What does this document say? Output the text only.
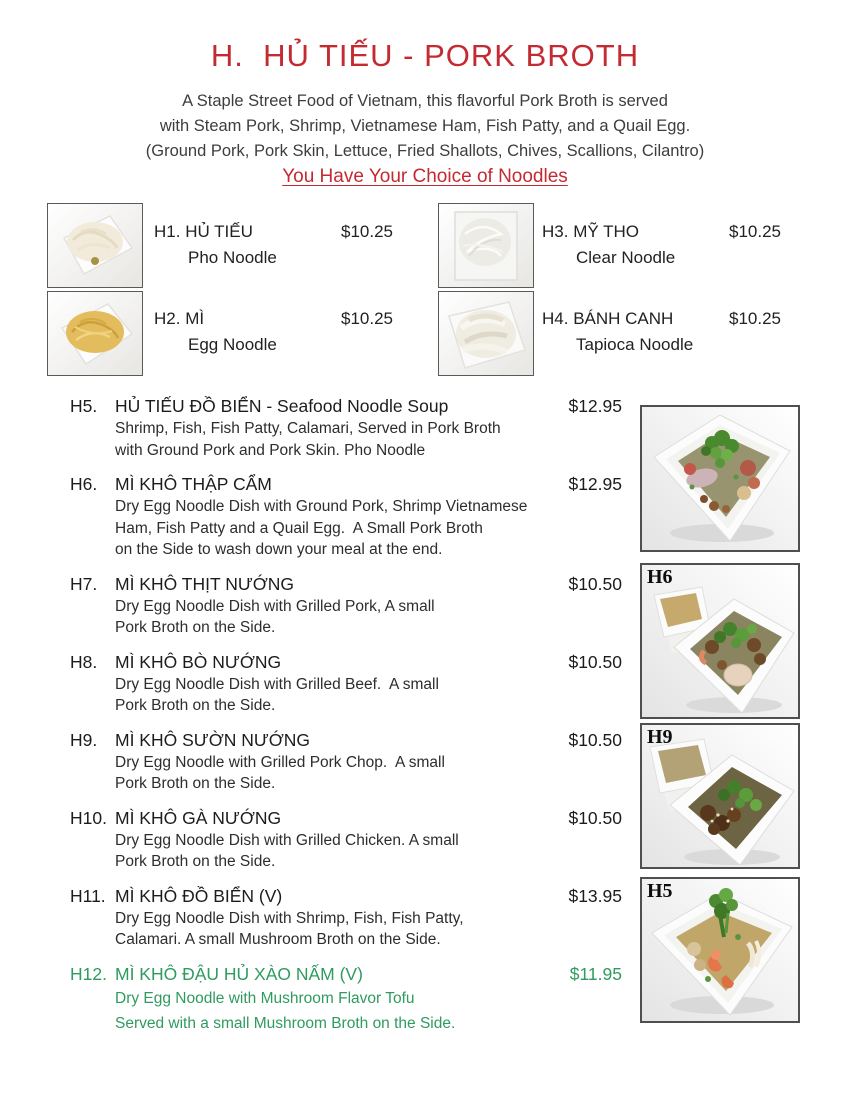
H.  HỦ TIẾU - PORK BROTH
A Staple Street Food of Vietnam, this flavorful Pork Broth is served
with Steam Pork, Shrimp, Vietnamese Ham, Fish Patty, and a Quail Egg.
(Ground Pork, Pork Skin, Lettuce, Fried Shallots, Chives, Scallions, Cilantro)
You Have Your Choice of Noodles
H1. HỦ TIẾU	$10.25
Pho Noodle
H2. MÌ	$10.25
Egg Noodle
H3. MỸ THO	$10.25
Clear Noodle
H4. BÁNH CANH	$10.25
Tapioca Noodle
H5.	HỦ TIẾU ĐỒ BIỂN - Seafood Noodle Soup	$12.95
Shrimp, Fish, Fish Patty, Calamari, Served in Pork Broth
with Ground Pork and Pork Skin. Pho Noodle
H6.	MÌ KHÔ THẬP CẨM	$12.95
Dry Egg Noodle Dish with Ground Pork, Shrimp Vietnamese
Ham, Fish Patty and a Quail Egg.  A Small Pork Broth
on the Side to wash down your meal at the end.
H7.	MÌ KHÔ THỊT NƯỚNG	$10.50
Dry Egg Noodle Dish with Grilled Pork, A small
Pork Broth on the Side.
H8.	MÌ KHÔ BÒ NƯỚNG	$10.50
Dry Egg Noodle Dish with Grilled Beef.  A small
Pork Broth on the Side.
H9.	MÌ KHÔ SƯỜN NƯỚNG	$10.50
Dry Egg Noodle with Grilled Pork Chop.  A small
Pork Broth on the Side.
H10. MÌ KHÔ GÀ NƯỚNG	$10.50
Dry Egg Noodle Dish with Grilled Chicken. A small
Pork Broth on the Side.
H11. MÌ KHÔ ĐỒ BIỂN (V)	$13.95
Dry Egg Noodle Dish with Shrimp, Fish, Fish Patty,
Calamari. A small Mushroom Broth on the Side.
H12. MÌ KHÔ ĐẬU HỦ XÀO NẤM (V)	$11.95
Dry Egg Noodle with Mushroom Flavor Tofu
Served with a small Mushroom Broth on the Side.
H6
H9
H5
